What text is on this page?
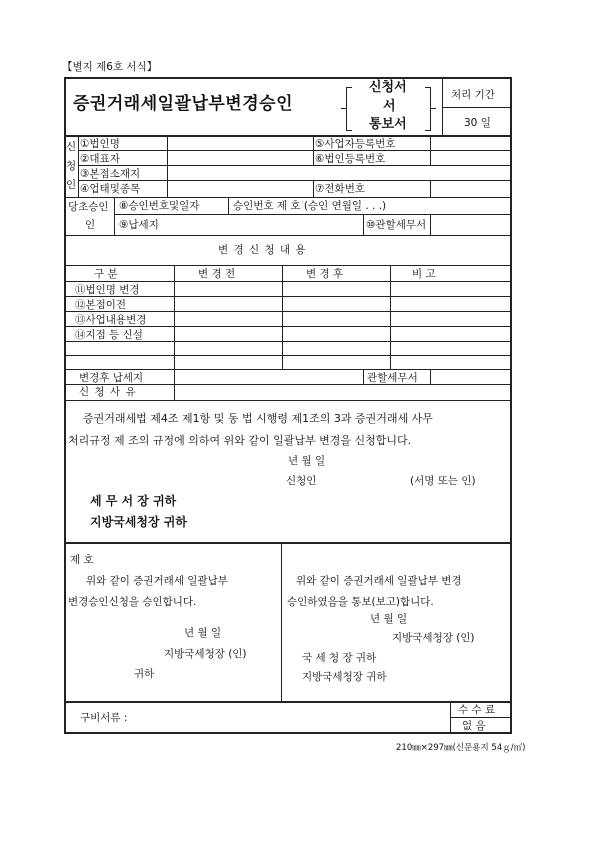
【별지 제6호 서식】
증권거래세일괄납부변경승인
신청서
서
통보서
처리 기간
30 일
신
청
인
①법인명	⑤사업자등록번호
②대표자	⑥법인등록번호
③본점소재지
④업태및종목	⑦전화번호
당초승인
인
⑧승인번호및일자	승인번호 제 호 (승인 연월일 . . .)
⑨납세지	⑩관할세무서
변 경 신 청 내 용
구 분	변 경 전	변 경 후	비 고
⑪법인명 변경
⑫본점이전
⑬사업내용변경
⑭지점 등 신설
변경후 납세지	관할세무서
신 청 사 유
증권거래세법 제4조 제1항 및 동 법 시행령 제1조의 3과 증권거래세 사무
처리규정 제 조의 규정에 의하여 위와 같이 일괄납부 변경을 신청합니다.
년 월 일
신청인	(서명 또는 인)
세 무 서 장 귀하
지방국세청장 귀하
제 호
위와 같이 증권거래세 일괄납부
변경승인신청을 승인합니다.
년 월 일
지방국세청장 (인)
귀하
위와 같이 증권거래세 일괄납부 변경
승인하였음을 통보(보고)합니다.
년 월 일
지방국세청장 (인)
국 세 청 장 귀하
지방국세청장 귀하
구비서류 :
수 수 료
없 음
210㎜×297㎜(신문용지 54ｇ/㎡)
